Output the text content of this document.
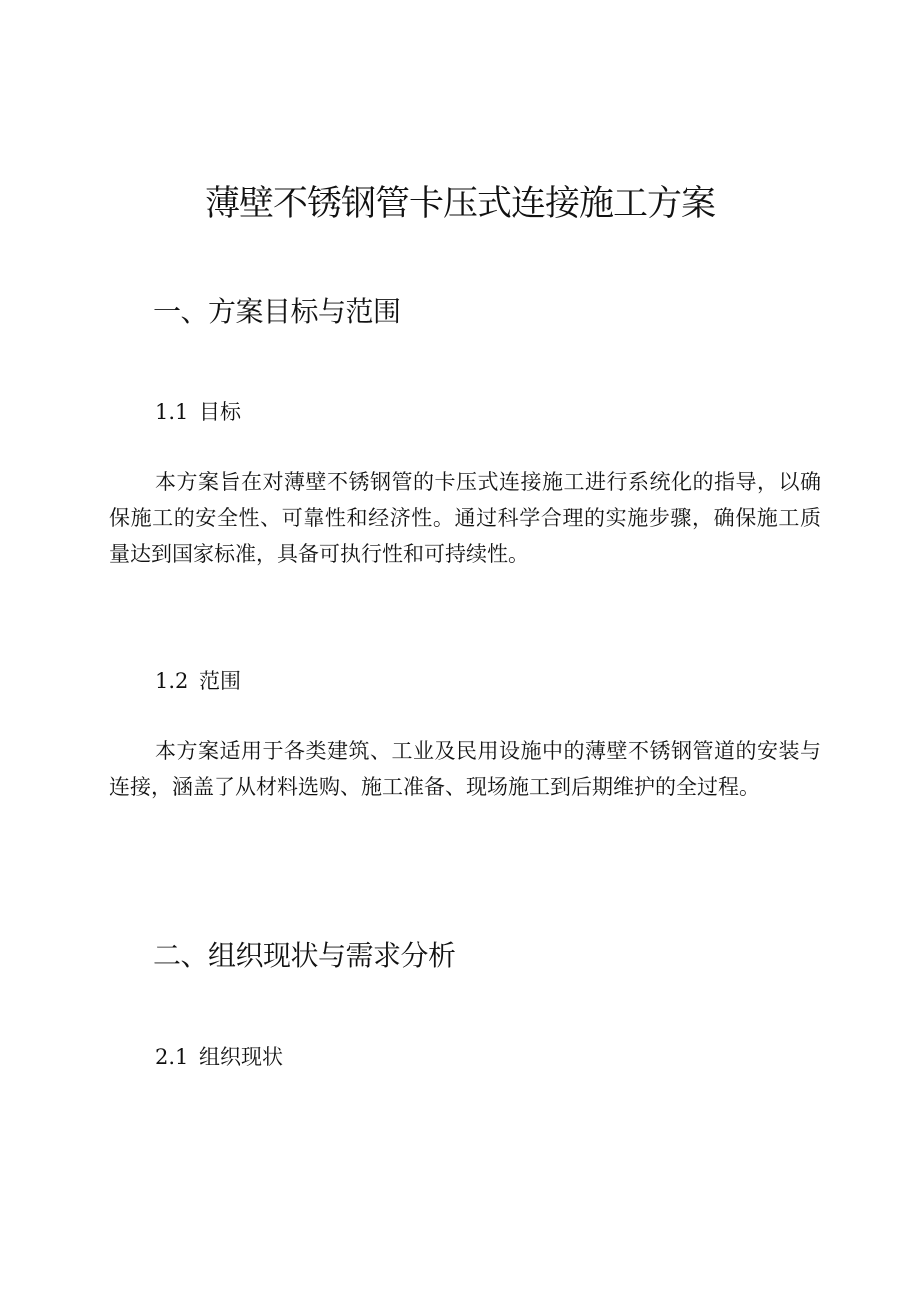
薄壁不锈钢管卡压式连接施工方案
一、方案目标与范围
1.1 目标

本方案旨在对薄壁不锈钢管的卡压式连接施工进行系统化的指导，以确保施工的安全性、可靠性和经济性。通过科学合理的实施步骤，确保施工质量达到国家标准，具备可执行性和可持续性。

1.2 范围

本方案适用于各类建筑、工业及民用设施中的薄壁不锈钢管道的安装与连接，涵盖了从材料选购、施工准备、现场施工到后期维护的全过程。

二、组织现状与需求分析
2.1 组织现状
